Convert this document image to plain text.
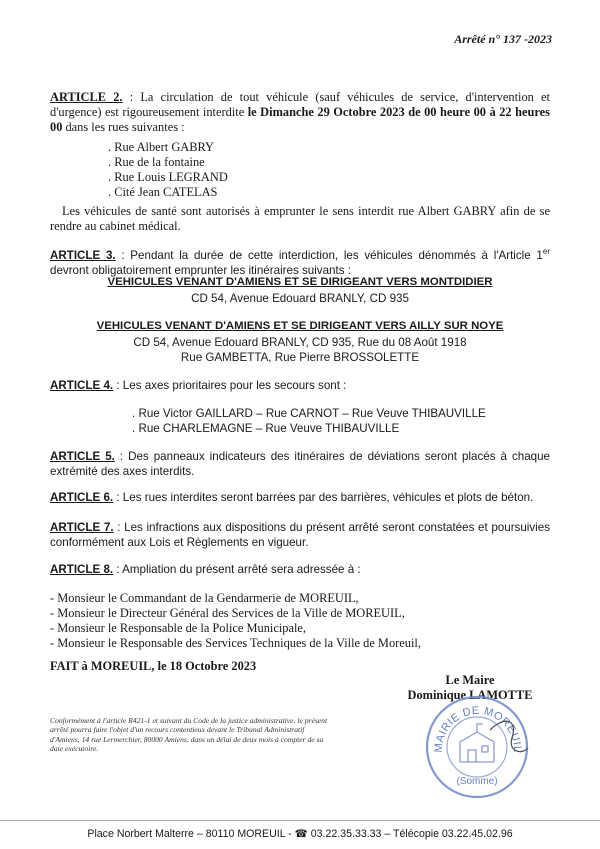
Arrêté n° 137 -2023

ARTICLE 2. : La circulation de tout véhicule (sauf véhicules de service, d'intervention et d'urgence) est rigoureusement interdite le Dimanche 29 Octobre 2023 de 00 heure 00 à 22 heures 00 dans les rues suivantes :

. Rue Albert GABRY
. Rue de la fontaine
. Rue Louis LEGRAND
. Cité Jean CATELAS
Les véhicules de santé sont autorisés à emprunter le sens interdit rue Albert GABRY afin de se rendre au cabinet médical.

ARTICLE 3. : Pendant la durée de cette interdiction, les véhicules dénommés à l'Article 1er devront obligatoirement emprunter les itinéraires suivants :

VEHICULES VENANT D'AMIENS ET SE DIRIGEANT VERS MONTDIDIER
CD 54, Avenue Edouard BRANLY, CD 935
VEHICULES VENANT D'AMIENS ET SE DIRIGEANT VERS AILLY SUR NOYE
CD 54, Avenue Edouard BRANLY, CD 935, Rue du 08 Août 1918
Rue GAMBETTA, Rue Pierre BROSSOLETTE
ARTICLE 4. : Les axes prioritaires pour les secours sont :
. Rue Victor GAILLARD – Rue CARNOT – Rue Veuve THIBAUVILLE
. Rue CHARLEMAGNE – Rue Veuve THIBAUVILLE
ARTICLE 5. : Des panneaux indicateurs des itinéraires de déviations seront placés à chaque extrémité des axes interdits.
ARTICLE 6. : Les rues interdites seront barrées par des barrières, véhicules et plots de béton.
ARTICLE 7. : Les infractions aux dispositions du présent arrêté seront constatées et poursuivies conformément aux Lois et Règlements en vigueur.
ARTICLE 8. : Ampliation du présent arrêté sera adressée à :
- Monsieur le Commandant de la Gendarmerie de MOREUIL,
- Monsieur le Directeur Général des Services de la Ville de MOREUIL,
- Monsieur le Responsable de la Police Municipale,
- Monsieur le Responsable des Services Techniques de la Ville de Moreuil,
FAIT à MOREUIL, le 18 Octobre 2023
Le Maire
Dominique LAMOTTE
Conformément à l'article R421-1 et suivant du Code de la justice administrative, le présent arrêté pourra faire l'objet d'un recours contentieux devant le Tribunal Administratif d'Amiens, 14 rue Lermerchier, 80000 Amiens, dans un délai de deux mois à compter de sa date exécutoire.	MAIRIE DE MOREUIL
(Somme)
Place Norbert Malterre – 80110 MOREUIL - ☎ 03.22.35.33.33 – Télécopie 03.22.45.02.96
